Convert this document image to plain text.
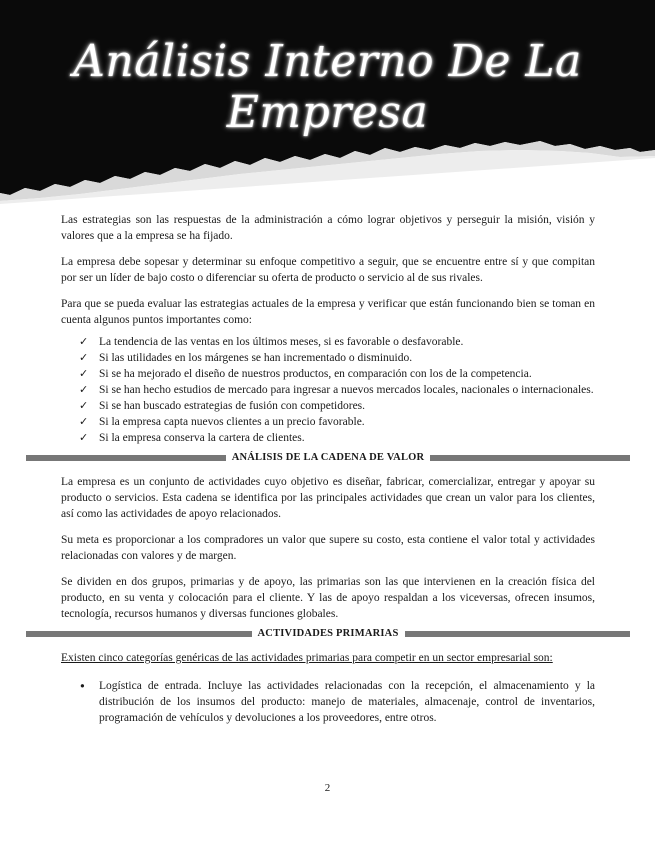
Análisis Interno De La Empresa

Las estrategias son las respuestas de la administración a cómo lograr objetivos y perseguir la misión, visión y valores que a la empresa se ha fijado.

La empresa debe sopesar y determinar su enfoque competitivo a seguir, que se encuentre entre sí y que compitan por ser un líder de bajo costo o diferenciar su oferta de producto o servicio al de sus rivales.

Para que se pueda evaluar las estrategias actuales de la empresa y verificar que están funcionando bien se toman en cuenta algunos puntos importantes como:

✓ La tendencia de las ventas en los últimos meses, si es favorable o desfavorable.
✓ Si las utilidades en los márgenes se han incrementado o disminuido.
✓ Si se ha mejorado el diseño de nuestros productos, en comparación con los de la competencia.
✓ Si se han hecho estudios de mercado para ingresar a nuevos mercados locales, nacionales o internacionales.
✓ Si se han buscado estrategias de fusión con competidores.
✓ Si la empresa capta nuevos clientes a un precio favorable.
✓ Si la empresa conserva la cartera de clientes.
ANÁLISIS DE LA CADENA DE VALOR

La empresa es un conjunto de actividades cuyo objetivo es diseñar, fabricar, comercializar, entregar y apoyar su producto o servicios. Esta cadena se identifica por las principales actividades que crean un valor para los clientes, así como las actividades de apoyo relacionados.

Su meta es proporcionar a los compradores un valor que supere su costo, esta contiene el valor total y actividades relacionadas con valores y de margen.

Se dividen en dos grupos, primarias y de apoyo, las primarias son las que intervienen en la creación física del producto, en su venta y colocación para el cliente. Y las de apoyo respaldan a los viceversas, ofrecen insumos, tecnología, recursos humanos y diversas funciones globales.

ACTIVIDADES PRIMARIAS

Existen cinco categorías genéricas de las actividades primarias para competir en un sector empresarial son:

• Logística de entrada. Incluye las actividades relacionadas con la recepción, el almacenamiento y la distribución de los insumos del producto: manejo de materiales, almacenaje, control de inventarios, programación de vehículos y devoluciones a los proveedores, entre otros.
2
